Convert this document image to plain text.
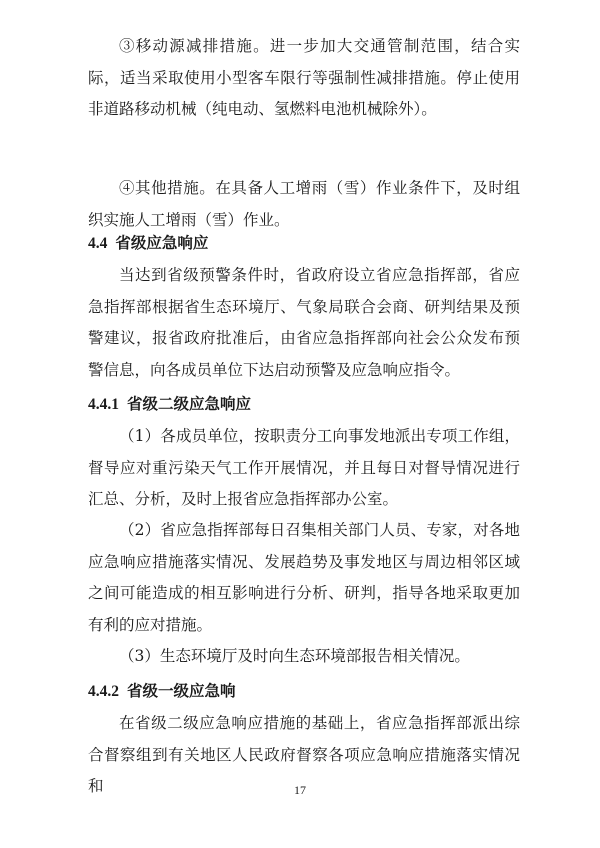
③移动源减排措施。进一步加大交通管制范围，结合实际，适当采取使用小型客车限行等强制性减排措施。停止使用非道路移动机械（纯电动、氢燃料电池机械除外）。

④其他措施。在具备人工增雨（雪）作业条件下，及时组织实施人工增雨（雪）作业。

4.4 省级应急响应

当达到省级预警条件时，省政府设立省应急指挥部，省应急指挥部根据省生态环境厅、气象局联合会商、研判结果及预警建议，报省政府批准后，由省应急指挥部向社会公众发布预警信息，向各成员单位下达启动预警及应急响应指令。

4.4.1 省级二级应急响应

（1）各成员单位，按职责分工向事发地派出专项工作组，督导应对重污染天气工作开展情况，并且每日对督导情况进行汇总、分析，及时上报省应急指挥部办公室。

（2）省应急指挥部每日召集相关部门人员、专家，对各地应急响应措施落实情况、发展趋势及事发地区与周边相邻区域之间可能造成的相互影响进行分析、研判，指导各地采取更加有利的应对措施。

（3）生态环境厅及时向生态环境部报告相关情况。

4.4.2 省级一级应急响

在省级二级应急响应措施的基础上，省应急指挥部派出综合督察组到有关地区人民政府督察各项应急响应措施落实情况和	17
